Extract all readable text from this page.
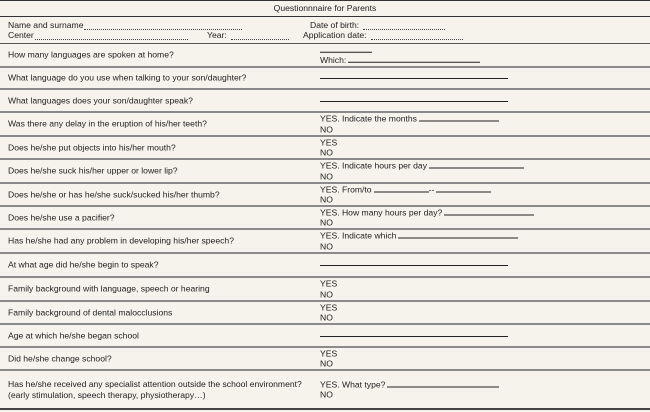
Questionnnaire for Parents
Name and surname	Date of birth:
Center	Year:	Application date:
How many languages are spoken at home?
Which:
What language do you use when talking to your son/daughter?
What languages does your son/daughter speak?
Was there any delay in the eruption of his/her teeth?	YES. Indicate the months
NO
Does he/she put objects into his/her mouth?	YES
NO
Does he/she suck his/her upper or lower lip?	YES. Indicate hours per day
NO
Does he/she or has he/she suck/sucked his/her thumb?	YES. From/to	--
NO
Does he/she use a pacifier?	YES. How many hours per day?
NO
Has he/she had any problem in developing his/her speech?	YES. Indicate which
NO
At what age did he/she begin to speak?
Family background with language, speech or hearing	YES
NO
Family background of dental malocclusions	YES
NO
Age at which he/she began school
Did he/she change school?	YES
NO
Has he/she received any specialist attention outside the school environment? (early stimulation, speech therapy, physiotherapy…)
YES. What type?
NO
